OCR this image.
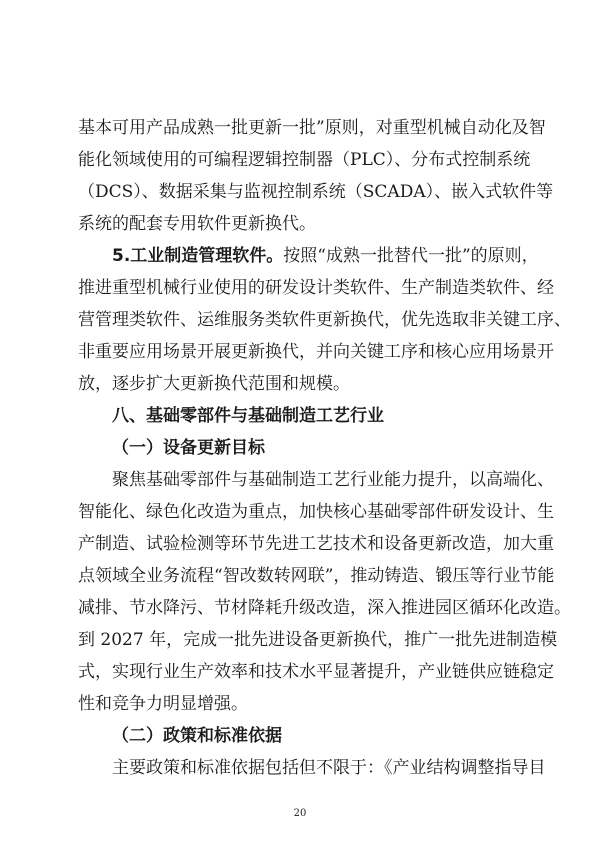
基本可用产品成熟一批更新一批”原则，对重型机械自动化及智
能化领域使用的可编程逻辑控制器（PLC）、分布式控制系统
（DCS）、数据采集与监视控制系统（SCADA）、嵌入式软件等
系统的配套专用软件更新换代。
5.工业制造管理软件。按照“成熟一批替代一批”的原则，
推进重型机械行业使用的研发设计类软件、生产制造类软件、经
营管理类软件、运维服务类软件更新换代，优先选取非关键工序、
非重要应用场景开展更新换代，并向关键工序和核心应用场景开
放，逐步扩大更新换代范围和规模。
八、基础零部件与基础制造工艺行业
（一）设备更新目标
聚焦基础零部件与基础制造工艺行业能力提升，以高端化、
智能化、绿色化改造为重点，加快核心基础零部件研发设计、生
产制造、试验检测等环节先进工艺技术和设备更新改造，加大重
点领域全业务流程“智改数转网联”，推动铸造、锻压等行业节能
减排、节水降污、节材降耗升级改造，深入推进园区循环化改造。
到 2027 年，完成一批先进设备更新换代，推广一批先进制造模
式，实现行业生产效率和技术水平显著提升，产业链供应链稳定
性和竞争力明显增强。
（二）政策和标准依据
主要政策和标准依据包括但不限于：《产业结构调整指导目
20
